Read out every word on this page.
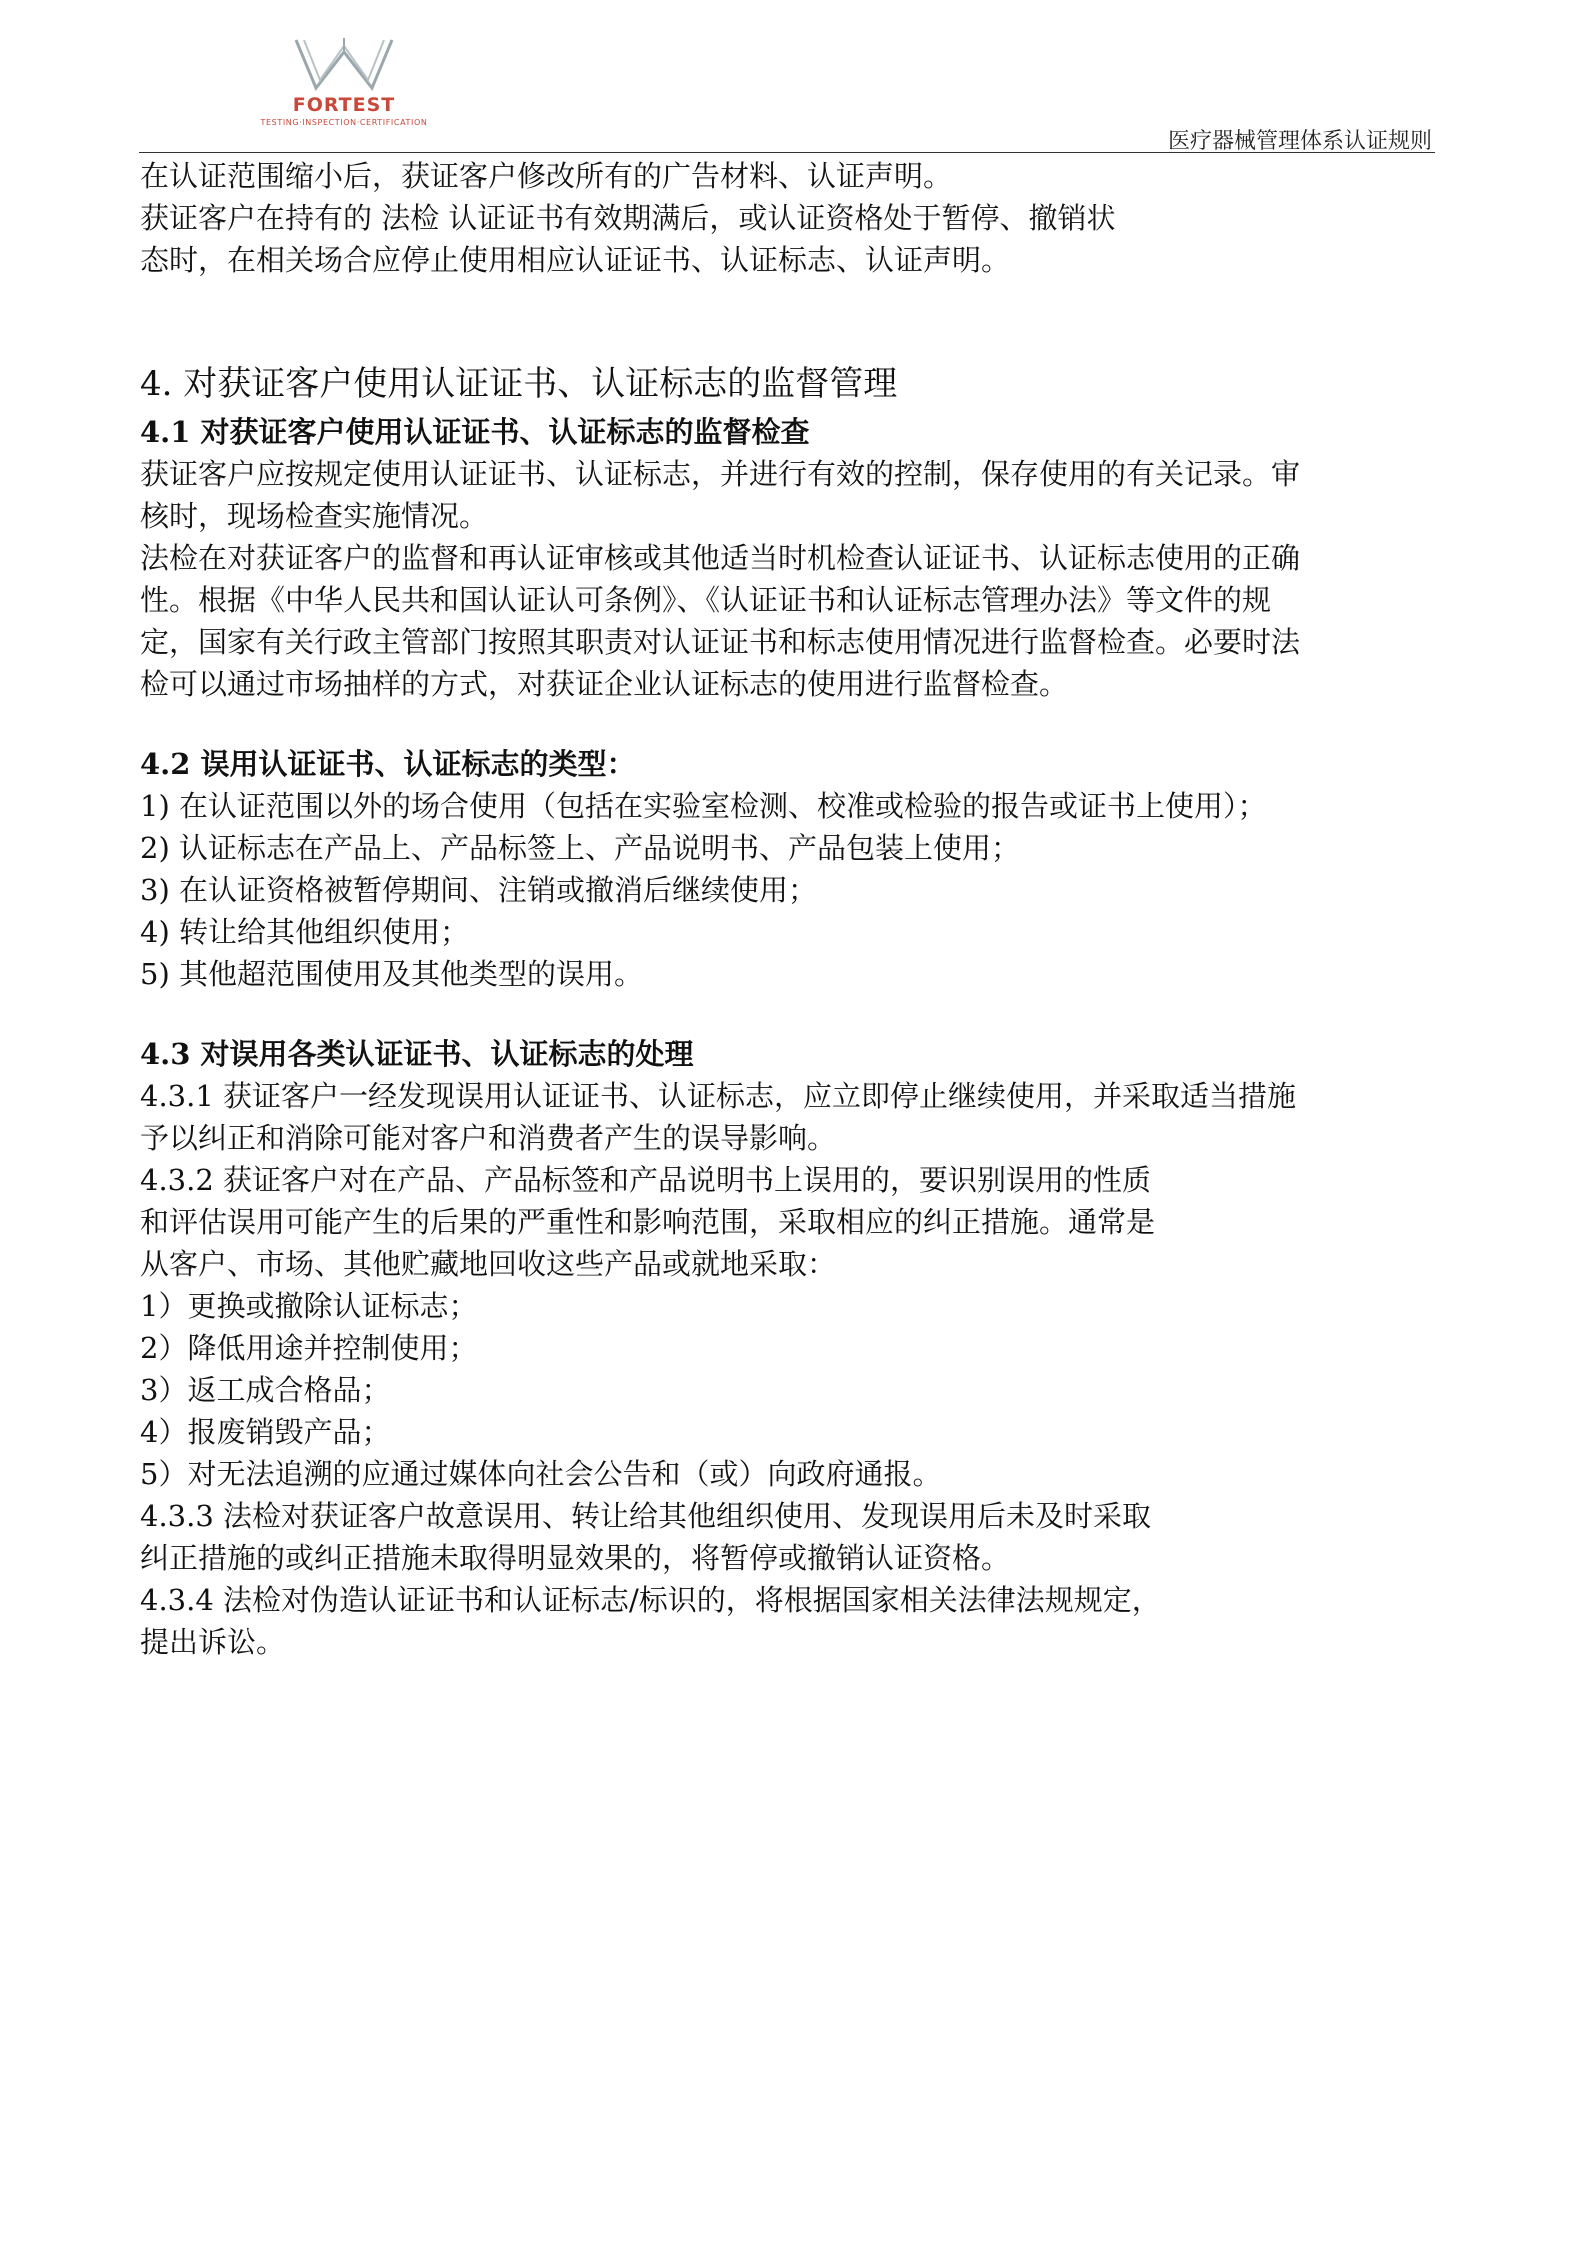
FORTEST
TESTING·INSPECTION·CERTIFICATION
医疗器械管理体系认证规则
在认证范围缩小后，获证客户修改所有的广告材料、认证声明。
获证客户在持有的 法检 认证证书有效期满后，或认证资格处于暂停、撤销状
态时，在相关场合应停止使用相应认证证书、认证标志、认证声明。
4. 对获证客户使用认证证书、认证标志的监督管理
4.1 对获证客户使用认证证书、认证标志的监督检查
获证客户应按规定使用认证证书、认证标志，并进行有效的控制，保存使用的有关记录。审
核时，现场检查实施情况。
法检在对获证客户的监督和再认证审核或其他适当时机检查认证证书、认证标志使用的正确
性。根据《中华人民共和国认证认可条例》、《认证证书和认证标志管理办法》等文件的规
定，国家有关行政主管部门按照其职责对认证证书和标志使用情况进行监督检查。必要时法
检可以通过市场抽样的方式，对获证企业认证标志的使用进行监督检查。
4.2 误用认证证书、认证标志的类型：
1) 在认证范围以外的场合使用（包括在实验室检测、校准或检验的报告或证书上使用）；
2) 认证标志在产品上、产品标签上、产品说明书、产品包装上使用；
3) 在认证资格被暂停期间、注销或撤消后继续使用；
4) 转让给其他组织使用；
5) 其他超范围使用及其他类型的误用。
4.3 对误用各类认证证书、认证标志的处理
4.3.1 获证客户一经发现误用认证证书、认证标志，应立即停止继续使用，并采取适当措施
予以纠正和消除可能对客户和消费者产生的误导影响。
4.3.2 获证客户对在产品、产品标签和产品说明书上误用的，要识别误用的性质
和评估误用可能产生的后果的严重性和影响范围，采取相应的纠正措施。通常是
从客户、市场、其他贮藏地回收这些产品或就地采取：
1）更换或撤除认证标志；
2）降低用途并控制使用；
3）返工成合格品；
4）报废销毁产品；
5）对无法追溯的应通过媒体向社会公告和（或）向政府通报。
4.3.3 法检对获证客户故意误用、转让给其他组织使用、发现误用后未及时采取
纠正措施的或纠正措施未取得明显效果的，将暂停或撤销认证资格。
4.3.4 法检对伪造认证证书和认证标志/标识的，将根据国家相关法律法规规定，
提出诉讼。
